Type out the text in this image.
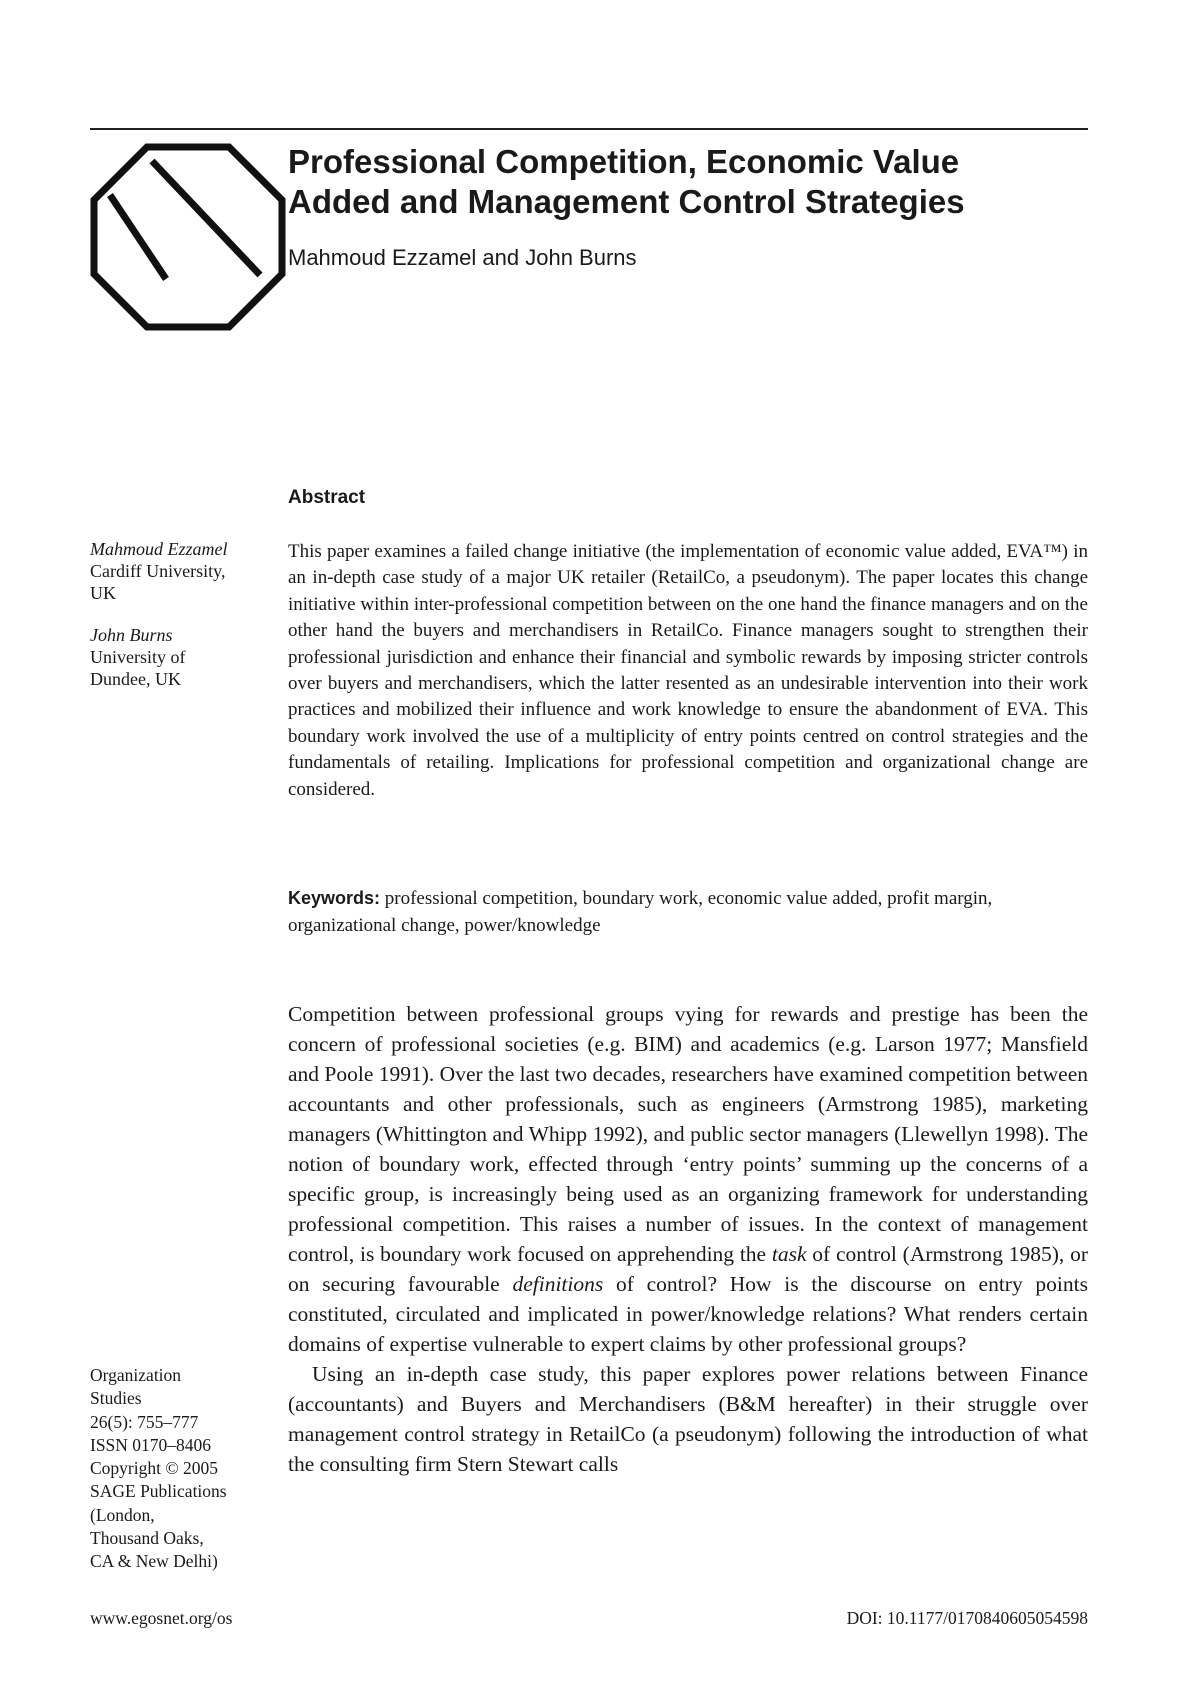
Professional Competition, Economic Value
Added and Management Control Strategies

Mahmoud Ezzamel and John Burns

Abstract
Mahmoud Ezzamel
Cardiff University,
UK
John Burns
University of
Dundee, UK

This paper examines a failed change initiative (the implementation of economic value added, EVA™) in an in-depth case study of a major UK retailer (RetailCo, a pseudonym). The paper locates this change initiative within inter-professional competition between on the one hand the finance managers and on the other hand the buyers and merchandisers in RetailCo. Finance managers sought to strengthen their professional jurisdiction and enhance their financial and symbolic rewards by imposing stricter controls over buyers and merchandisers, which the latter resented as an undesirable intervention into their work practices and mobilized their influence and work knowledge to ensure the abandonment of EVA. This boundary work involved the use of a multiplicity of entry points centred on control strategies and the fundamentals of retailing. Implications for professional competition and organizational change are considered.

Keywords: professional competition, boundary work, economic value added, profit margin, organizational change, power/knowledge

Competition between professional groups vying for rewards and prestige has been the concern of professional societies (e.g. BIM) and academics (e.g. Larson 1977; Mansfield and Poole 1991). Over the last two decades, researchers have examined competition between accountants and other professionals, such as engineers (Armstrong 1985), marketing managers (Whittington and Whipp 1992), and public sector managers (Llewellyn 1998). The notion of boundary work, effected through ‘entry points’ summing up the concerns of a specific group, is increasingly being used as an organizing framework for understanding professional competition. This raises a number of issues. In the context of management control, is boundary work focused on apprehending the task of control (Armstrong 1985), or on securing favourable definitions of control? How is the discourse on entry points constituted, circulated and implicated in power/knowledge relations? What renders certain domains of expertise vulnerable to expert claims by other professional groups?

Using an in-depth case study, this paper explores power relations between Finance (accountants) and Buyers and Merchandisers (B&M hereafter) in their struggle over management control strategy in RetailCo (a pseudonym) following the introduction of what the consulting firm Stern Stewart calls

Organization
Studies
26(5): 755–777
ISSN 0170–8406
Copyright © 2005
SAGE Publications
(London,
Thousand Oaks,
CA & New Delhi)
www.egosnet.org/os	DOI: 10.1177/0170840605054598
